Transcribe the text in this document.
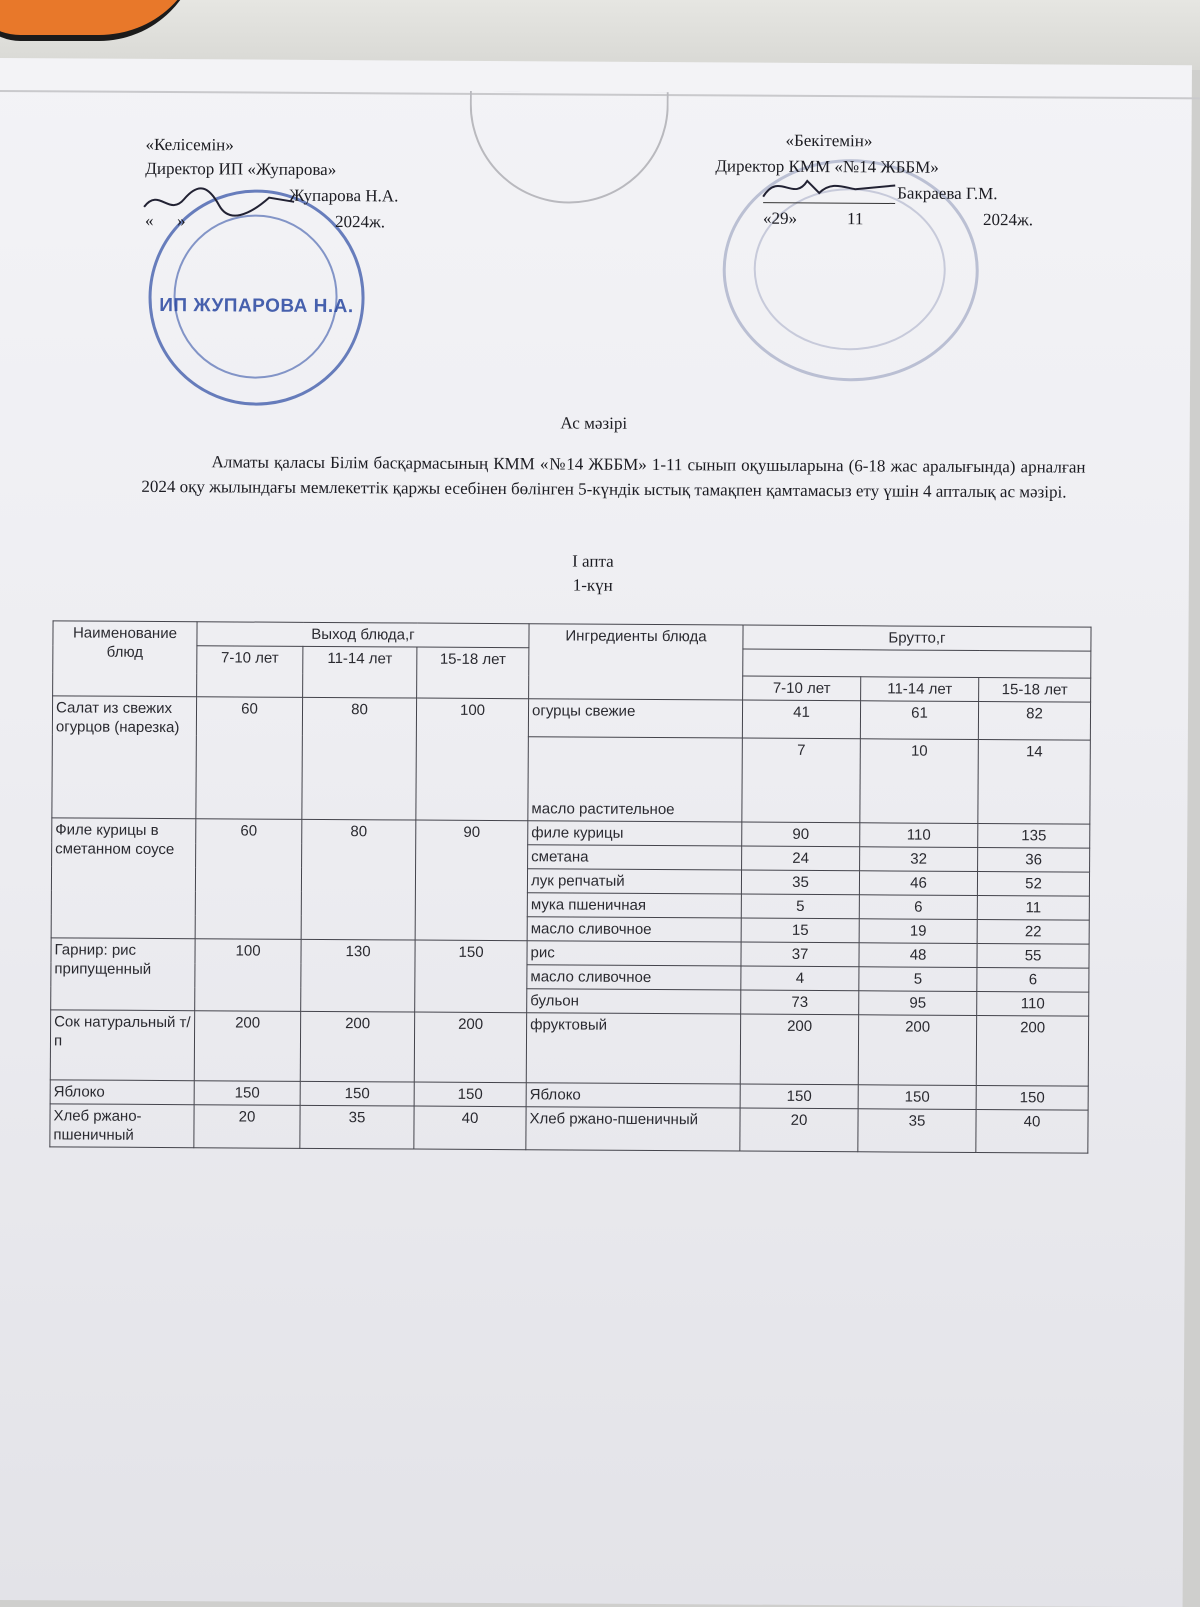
ИП ЖУПАРОВА Н.А.
«Келісемін»
Директор ИП «Жупарова»
Жупарова Н.А.
« »	2024ж.
«Бекітемін»
Директор КММ «№14 ЖББМ»
Бакраева Г.М.
«29»	11	2024ж.
Ас мәзірі
Алматы қаласы Білім басқармасының КММ «№14 ЖББМ» 1-11 сынып оқушыларына (6-18 жас аралығында) арналған 2024 оқу жылындағы мемлекеттік қаржы есебінен бөлінген 5-күндік ыстық тамақпен қамтамасыз ету үшін 4 апталық ас мәзірі.
I апта
1-күн
Наименование блюд	Выход блюда,г			Ингредиенты блюда	Брутто,г		
	7-10 лет	11-14 лет	15-18 лет				
					7-10 лет	11-14 лет	15-18 лет
Салат из свежих огурцов (нарезка)	60	80	100	огурцы свежие	41	61	82
				масло растительное	7	10	14
Филе курицы в сметанном соусе	60	80	90	филе курицы	90	110	135
				сметана	24	32	36
				лук репчатый	35	46	52
				мука пшеничная	5	6	11
				масло сливочное	15	19	22
Гарнир: рис припущенный	100	130	150	рис	37	48	55
				масло сливочное	4	5	6
				бульон	73	95	110
Сок натуральный т/п	200	200	200	фруктовый	200	200	200
Яблоко	150	150	150	Яблоко	150	150	150
Хлеб ржано-пшеничный	20	35	40	Хлеб ржано-пшеничный	20	35	40
